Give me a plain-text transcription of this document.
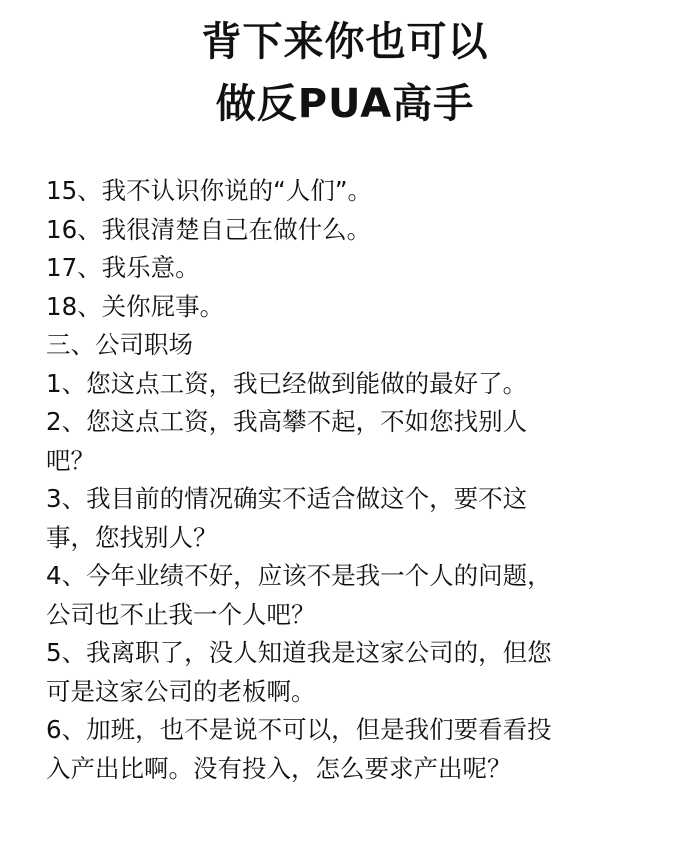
背下来你也可以
做反PUA高手
15、我不认识你说的“人们”。
16、我很清楚自己在做什么。
17、我乐意。
18、关你屁事。
三、公司职场
1、您这点工资，我已经做到能做的最好了。
2、您这点工资，我高攀不起，不如您找别人
吧？
3、我目前的情况确实不适合做这个，要不这
事，您找别人？
4、今年业绩不好，应该不是我一个人的问题，
公司也不止我一个人吧？
5、我离职了，没人知道我是这家公司的，但您
可是这家公司的老板啊。
6、加班，也不是说不可以，但是我们要看看投
入产出比啊。没有投入，怎么要求产出呢？
